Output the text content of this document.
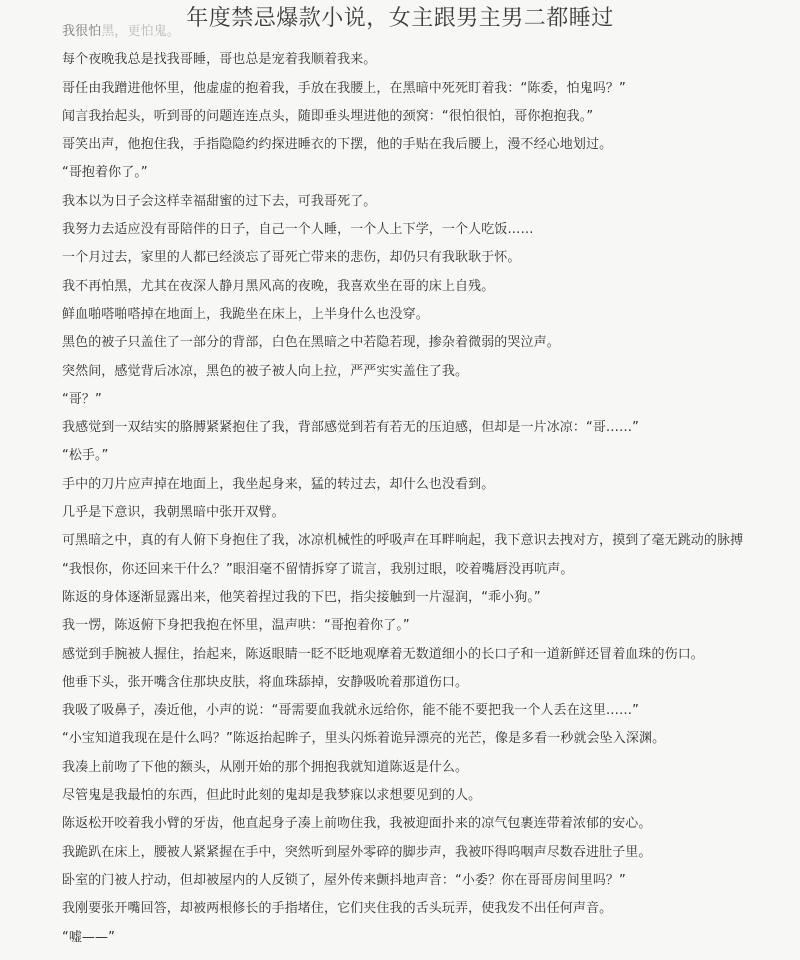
我很怕黑，更怕鬼。
每个夜晚我总是找我哥睡，哥也总是宠着我顺着我来。
哥任由我蹭进他怀里，他虚虚的抱着我，手放在我腰上，在黑暗中死死盯着我：“陈委，怕鬼吗？”
闻言我抬起头，听到哥的问题连连点头，随即垂头埋进他的颈窝：“很怕很怕，哥你抱抱我。”
哥笑出声，他抱住我，手指隐隐约约探进睡衣的下摆，他的手贴在我后腰上，漫不经心地划过。
“哥抱着你了。”
我本以为日子会这样幸福甜蜜的过下去，可我哥死了。
我努力去适应没有哥陪伴的日子，自己一个人睡，一个人上下学，一个人吃饭……
一个月过去，家里的人都已经淡忘了哥死亡带来的悲伤，却仍只有我耿耿于怀。
我不再怕黑，尤其在夜深人静月黑风高的夜晚，我喜欢坐在哥的床上自残。
鲜血啪嗒啪嗒掉在地面上，我跪坐在床上，上半身什么也没穿。
黑色的被子只盖住了一部分的背部，白色在黑暗之中若隐若现，掺杂着微弱的哭泣声。
突然间，感觉背后冰凉，黑色的被子被人向上拉，严严实实盖住了我。
“哥？”
我感觉到一双结实的胳膊紧紧抱住了我，背部感觉到若有若无的压迫感，但却是一片冰凉：“哥……”
“松手。”
手中的刀片应声掉在地面上，我坐起身来，猛的转过去，却什么也没看到。
几乎是下意识，我朝黑暗中张开双臂。
可黑暗之中，真的有人俯下身抱住了我，冰凉机械性的呼吸声在耳畔响起，我下意识去拽对方，摸到了毫无跳动的脉搏
“我恨你，你还回来干什么？”眼泪毫不留情拆穿了谎言，我别过眼，咬着嘴唇没再吭声。
陈返的身体逐渐显露出来，他笑着捏过我的下巴，指尖接触到一片湿润，“乖小狗。”
我一愣，陈返俯下身把我抱在怀里，温声哄：“哥抱着你了。”
感觉到手腕被人握住，抬起来，陈返眼睛一眨不眨地观摩着无数道细小的长口子和一道新鲜还冒着血珠的伤口。
他垂下头，张开嘴含住那块皮肤，将血珠舔掉，安静吸吮着那道伤口。
我吸了吸鼻子，凑近他，小声的说：“哥需要血我就永远给你，能不能不要把我一个人丢在这里……”
“小宝知道我现在是什么吗？”陈返抬起眸子，里头闪烁着诡异漂亮的光芒，像是多看一秒就会坠入深渊。
我凑上前吻了下他的额头，从刚开始的那个拥抱我就知道陈返是什么。
尽管鬼是我最怕的东西，但此时此刻的鬼却是我梦寐以求想要见到的人。
陈返松开咬着我小臂的牙齿，他直起身子凑上前吻住我，我被迎面扑来的凉气包裹连带着浓郁的安心。
我跪趴在床上，腰被人紧紧握在手中，突然听到屋外零碎的脚步声，我被吓得呜咽声尽数吞进肚子里。
卧室的门被人拧动，但却被屋内的人反锁了，屋外传来颤抖地声音：“小委？你在哥哥房间里吗？”
我刚要张开嘴回答，却被两根修长的手指堵住，它们夹住我的舌头玩弄，使我发不出任何声音。
“嘘——”
年度禁忌爆款小说，女主跟男主男二都睡过
